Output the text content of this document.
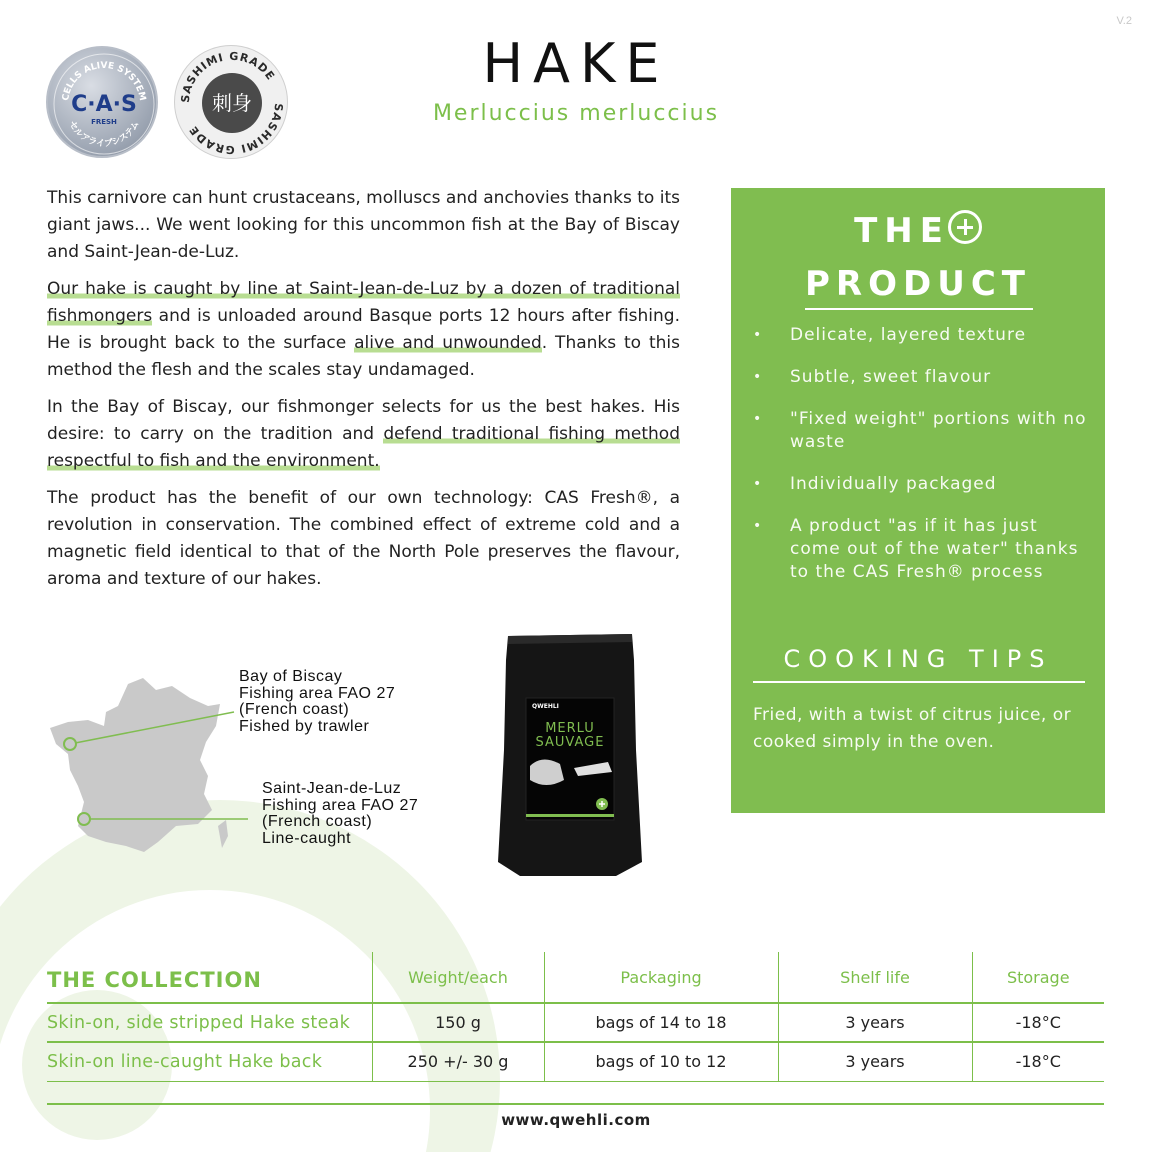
V.2
CELLS ALIVE SYSTEM
C·A·S
FRESH
セルアライブシステム
SASHIMI GRADE
SASHIMI GRADE
刺身
HAKE
Merluccius merluccius

This carnivore can hunt crustaceans, molluscs and anchovies thanks to its giant jaws... We went looking for this uncommon fish at the Bay of Biscay and Saint-Jean-de-Luz.

Our hake is caught by line at Saint-Jean-de-Luz by a dozen of traditional fishmongers and is unloaded around Basque ports 12 hours after fishing. He is brought back to the surface alive and unwounded. Thanks to this method the flesh and the scales stay undamaged.

In the Bay of Biscay, our fishmonger selects for us the best hakes. His desire: to carry on the tradition and defend traditional fishing method respectful to fish and the environment.

The product has the benefit of our own technology: CAS Fresh®, a revolution in conservation. The combined effect of extreme cold and a magnetic field identical to that of the North Pole preserves the flavour, aroma and texture of our hakes.

THE
PRODUCT
• Delicate, layered texture
• Subtle, sweet flavour
• "Fixed weight" portions with no waste
• Individually packaged
• A product "as if it has just come out of the water" thanks to the CAS Fresh® process
COOKING TIPS
Fried, with a twist of citrus juice, or cooked simply in the oven.
Bay of Biscay
Fishing area FAO 27
(French coast)
Fished by trawler
Saint-Jean-de-Luz
Fishing area FAO 27
(French coast)
Line-caught
QWEHLI
MERLU
SAUVAGE
THE COLLECTION	Weight/each	Packaging	Shelf life	Storage
Skin-on, side stripped Hake steak	150 g	bags of 14 to 18	3 years	-18°C
Skin-on line-caught Hake back	250 +/- 30 g	bags of 10 to 12	3 years	-18°C
www.qwehli.com
